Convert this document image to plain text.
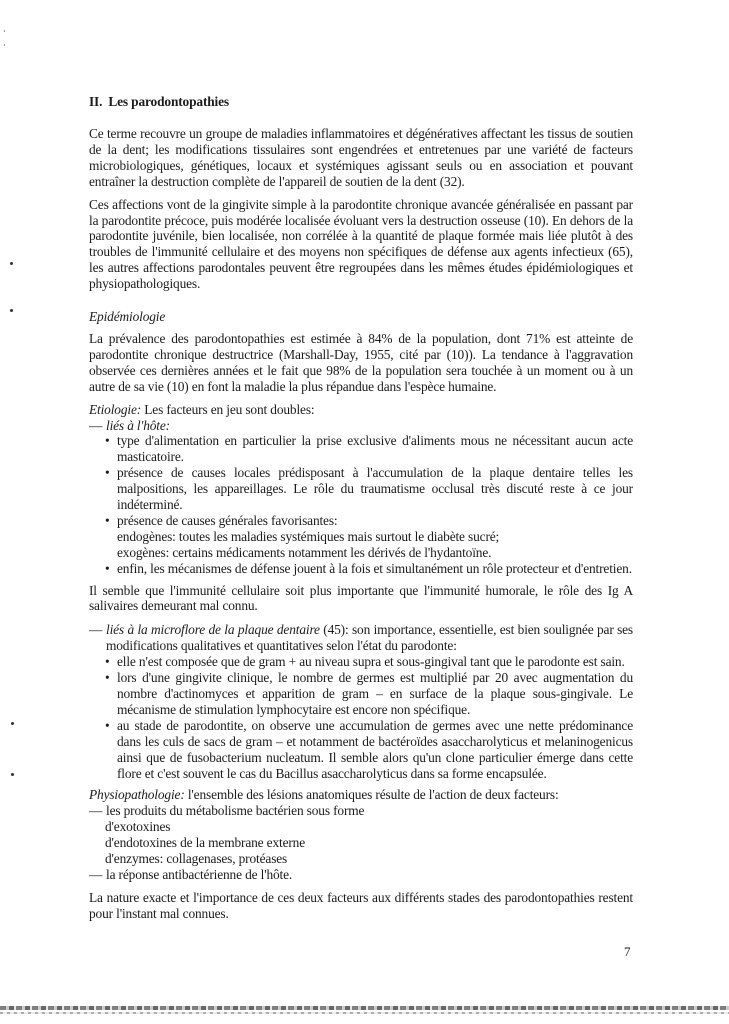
II. Les parodontopathies

Ce terme recouvre un groupe de maladies inflammatoires et dégénératives affectant les tissus de soutien de la dent; les modifications tissulaires sont engendrées et entretenues par une variété de facteurs microbiologiques, génétiques, locaux et systémiques agissant seuls ou en association et pouvant entraîner la destruction complète de l'appareil de soutien de la dent (32).

Ces affections vont de la gingivite simple à la parodontite chronique avancée généralisée en passant par la parodontite précoce, puis modérée localisée évoluant vers la destruction osseuse (10). En dehors de la parodontite juvénile, bien localisée, non corrélée à la quantité de plaque formée mais liée plutôt à des troubles de l'immunité cellulaire et des moyens non spécifiques de défense aux agents infectieux (65), les autres affections parodontales peuvent être regroupées dans les mêmes études épidémiologiques et physiopathologiques.

Epidémiologie

La prévalence des parodontopathies est estimée à 84% de la population, dont 71% est atteinte de parodontite chronique destructrice (Marshall-Day, 1955, cité par (10)). La tendance à l'aggravation observée ces dernières années et le fait que 98% de la population sera touchée à un moment ou à un autre de sa vie (10) en font la maladie la plus répandue dans l'espèce humaine.

Etiologie: Les facteurs en jeu sont doubles:

— liés à l'hôte:

• type d'alimentation en particulier la prise exclusive d'aliments mous ne nécessitant aucun acte masticatoire.
• présence de causes locales prédisposant à l'accumulation de la plaque dentaire telles les malpositions, les appareillages. Le rôle du traumatisme occlusal très discuté reste à ce jour indéterminé.
• présence de causes générales favorisantes:
endogènes: toutes les maladies systémiques mais surtout le diabète sucré;
exogènes: certains médicaments notamment les dérivés de l'hydantoïne.
• enfin, les mécanismes de défense jouent à la fois et simultanément un rôle protecteur et d'entretien.

Il semble que l'immunité cellulaire soit plus importante que l'immunité humorale, le rôle des Ig A salivaires demeurant mal connu.

— liés à la microflore de la plaque dentaire (45): son importance, essentielle, est bien soulignée par ses modifications qualitatives et quantitatives selon l'état du parodonte:

• elle n'est composée que de gram + au niveau supra et sous-gingival tant que le parodonte est sain.
• lors d'une gingivite clinique, le nombre de germes est multiplié par 20 avec augmentation du nombre d'actinomyces et apparition de gram – en surface de la plaque sous-gingivale. Le mécanisme de stimulation lymphocytaire est encore non spécifique.
• au stade de parodontite, on observe une accumulation de germes avec une nette prédominance dans les culs de sacs de gram – et notamment de bactéroïdes asaccharolyticus et melaninogenicus ainsi que de fusobacterium nucleatum. Il semble alors qu'un clone particulier émerge dans cette flore et c'est souvent le cas du Bacillus asaccharolyticus dans sa forme encapsulée.

Physiopathologie: l'ensemble des lésions anatomiques résulte de l'action de deux facteurs:

— les produits du métabolisme bactérien sous forme

d'exotoxines
d'endotoxines de la membrane externe
d'enzymes: collagenases, protéases

— la réponse antibactérienne de l'hôte.

La nature exacte et l'importance de ces deux facteurs aux différents stades des parodontopathies restent pour l'instant mal connues.

7
